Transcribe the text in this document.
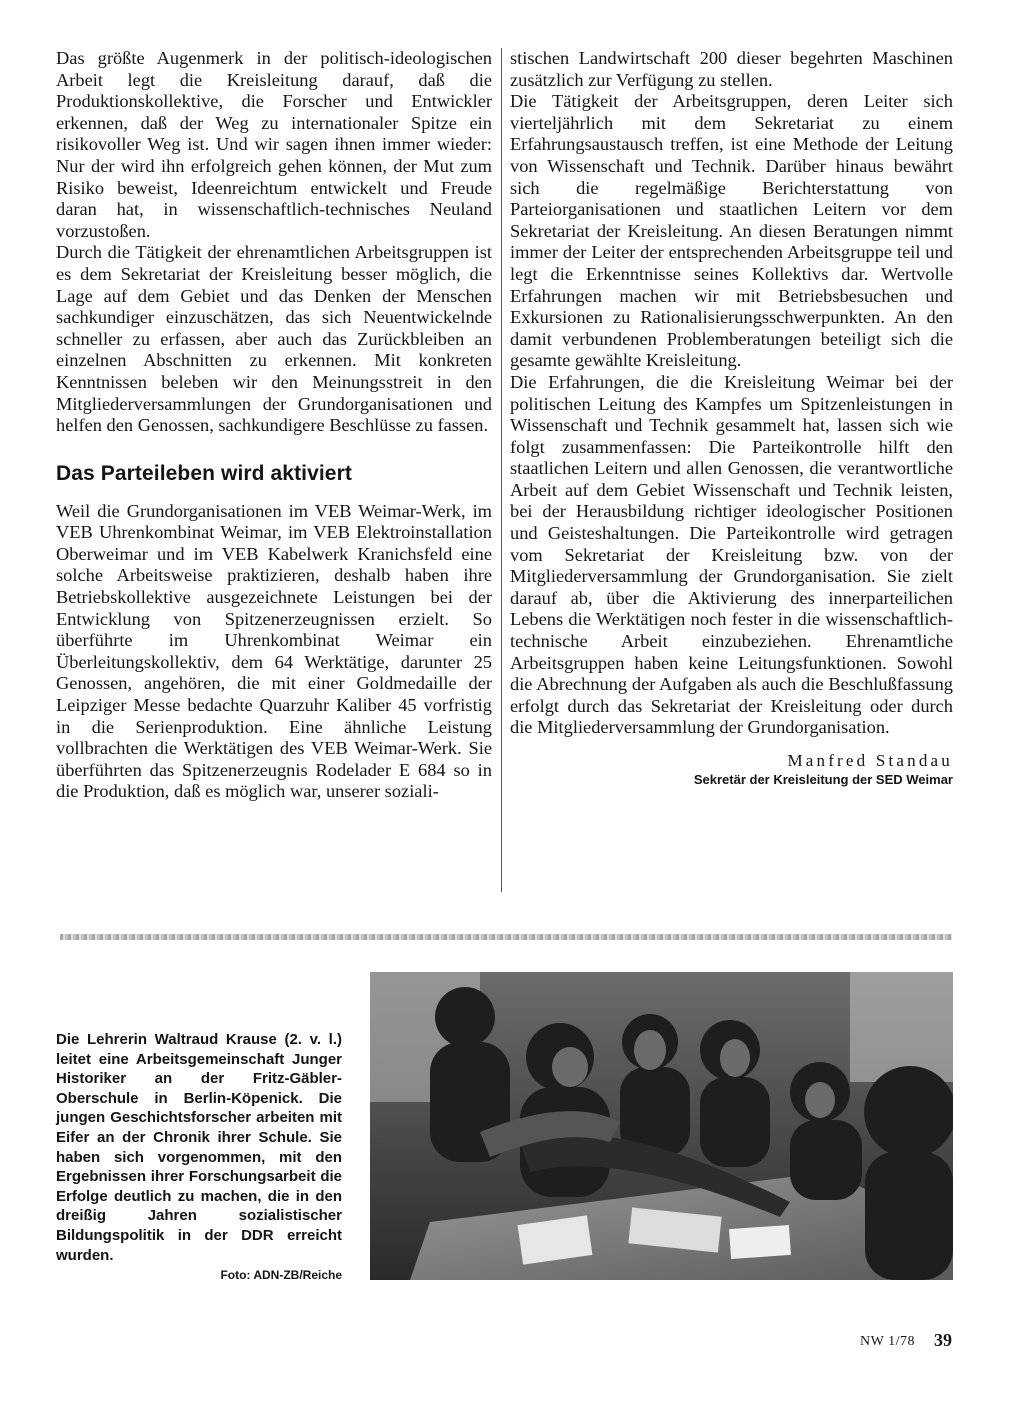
Das größte Augenmerk in der politisch-ideologischen Arbeit legt die Kreisleitung darauf, daß die Produktionskollektive, die Forscher und Entwickler erkennen, daß der Weg zu internationaler Spitze ein risikovoller Weg ist. Und wir sagen ihnen immer wieder: Nur der wird ihn erfolgreich gehen können, der Mut zum Risiko beweist, Ideenreichtum entwickelt und Freude daran hat, in wissenschaftlich-technisches Neuland vorzustoßen.

Durch die Tätigkeit der ehrenamtlichen Arbeitsgruppen ist es dem Sekretariat der Kreisleitung besser möglich, die Lage auf dem Gebiet und das Denken der Menschen sachkundiger einzuschätzen, das sich Neuentwickelnde schneller zu erfassen, aber auch das Zurückbleiben an einzelnen Abschnitten zu erkennen. Mit konkreten Kenntnissen beleben wir den Meinungsstreit in den Mitgliederversammlungen der Grundorganisationen und helfen den Genossen, sachkundigere Beschlüsse zu fassen.

Das Parteileben wird aktiviert

Weil die Grundorganisationen im VEB Weimar-Werk, im VEB Uhrenkombinat Weimar, im VEB Elektroinstallation Oberweimar und im VEB Kabelwerk Kranichsfeld eine solche Arbeitsweise praktizieren, deshalb haben ihre Betriebskollektive ausgezeichnete Leistungen bei der Entwicklung von Spitzenerzeugnissen erzielt. So überführte im Uhrenkombinat Weimar ein Überleitungskollektiv, dem 64 Werktätige, darunter 25 Genossen, angehören, die mit einer Goldmedaille der Leipziger Messe bedachte Quarzuhr Kaliber 45 vorfristig in die Serienproduktion. Eine ähnliche Leistung vollbrachten die Werktätigen des VEB Weimar-Werk. Sie überführten das Spitzenerzeugnis Rodelader E 684 so in die Produktion, daß es möglich war, unserer soziali-

stischen Landwirtschaft 200 dieser begehrten Maschinen zusätzlich zur Verfügung zu stellen.

Die Tätigkeit der Arbeitsgruppen, deren Leiter sich vierteljährlich mit dem Sekretariat zu einem Erfahrungsaustausch treffen, ist eine Methode der Leitung von Wissenschaft und Technik. Darüber hinaus bewährt sich die regelmäßige Berichterstattung von Parteiorganisationen und staatlichen Leitern vor dem Sekretariat der Kreisleitung. An diesen Beratungen nimmt immer der Leiter der entsprechenden Arbeitsgruppe teil und legt die Erkenntnisse seines Kollektivs dar. Wertvolle Erfahrungen machen wir mit Betriebsbesuchen und Exkursionen zu Rationalisierungsschwerpunkten. An den damit verbundenen Problemberatungen beteiligt sich die gesamte gewählte Kreisleitung.

Die Erfahrungen, die die Kreisleitung Weimar bei der politischen Leitung des Kampfes um Spitzenleistungen in Wissenschaft und Technik gesammelt hat, lassen sich wie folgt zusammenfassen: Die Parteikontrolle hilft den staatlichen Leitern und allen Genossen, die verantwortliche Arbeit auf dem Gebiet Wissenschaft und Technik leisten, bei der Herausbildung richtiger ideologischer Positionen und Geisteshaltungen. Die Parteikontrolle wird getragen vom Sekretariat der Kreisleitung bzw. von der Mitgliederversammlung der Grundorganisation. Sie zielt darauf ab, über die Aktivierung des innerparteilichen Lebens die Werktätigen noch fester in die wissenschaftlich-technische Arbeit einzubeziehen. Ehrenamtliche Arbeitsgruppen haben keine Leitungsfunktionen. Sowohl die Abrechnung der Aufgaben als auch die Beschlußfassung erfolgt durch das Sekretariat der Kreisleitung oder durch die Mitgliederversammlung der Grundorganisation.

Manfred Standau
Sekretär der Kreisleitung der SED Weimar

Die Lehrerin Waltraud Krause (2. v. l.) leitet eine Arbeitsgemeinschaft Junger Historiker an der Fritz-Gäbler-Oberschule in Berlin-Köpenick. Die jungen Geschichtsforscher arbeiten mit Eifer an der Chronik ihrer Schule. Sie haben sich vorgenommen, mit den Ergebnissen ihrer Forschungsarbeit die Erfolge deutlich zu machen, die in den dreißig Jahren sozialistischer Bildungspolitik in der DDR erreicht wurden.

Foto: ADN-ZB/Reiche
NW 1/78 39
